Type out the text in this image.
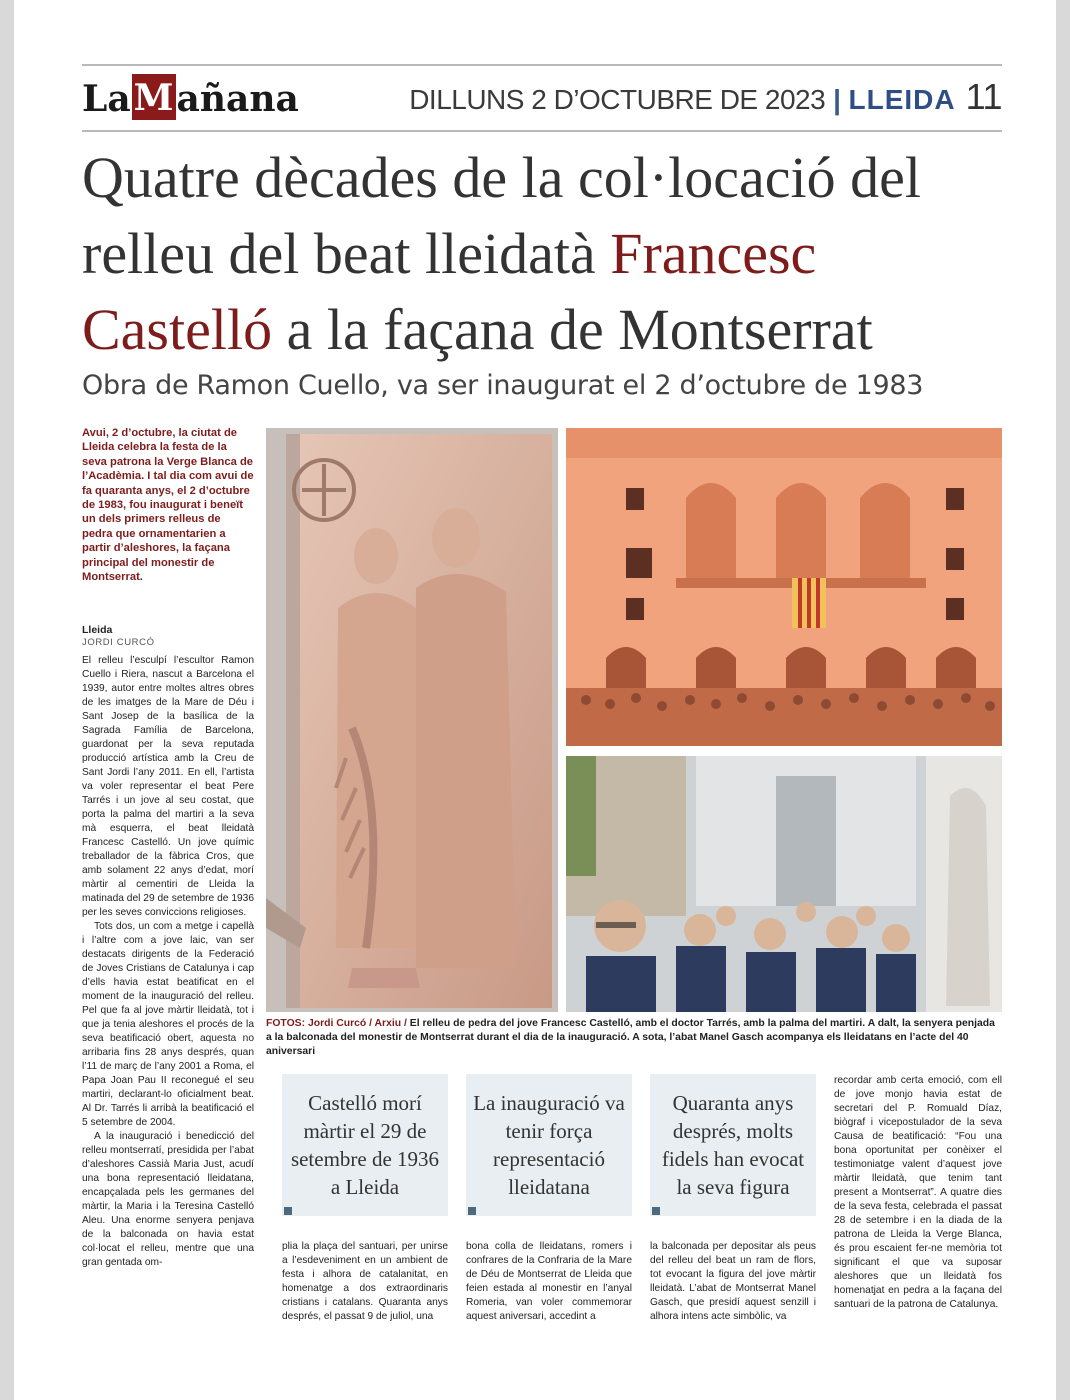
La M añana	DILLUNS 2 D’OCTUBRE DE 2023 | LLEIDA 11
Quatre dècades de la col·locació del relleu del beat lleidatà Francesc Castelló a la façana de Montserrat
Obra de Ramon Cuello, va ser inaugurat el 2 d’octubre de 1983
Avui, 2 d’octubre, la ciutat de Lleida celebra la festa de la seva patrona la Verge Blanca de l’Acadèmia. I tal dia com avui de fa quaranta anys, el 2 d’octubre de 1983, fou inaugurat i beneït un dels primers relleus de pedra que ornamentarien a partir d’aleshores, la façana principal del monestir de Montserrat.
Lleida
JORDI CURCÓ

El relleu l’esculpí l’escultor Ramon Cuello i Riera, nascut a Barcelona el 1939, autor entre moltes altres obres de les imatges de la Mare de Déu i Sant Josep de la basílica de la Sagrada Família de Barcelona, guardonat per la seva reputada producció artística amb la Creu de Sant Jordi l’any 2011. En ell, l’artista va voler representar el beat Pere Tarrés i un jove al seu costat, que porta la palma del martiri a la seva mà esquerra, el beat lleidatà Francesc Castelló. Un jove químic treballador de la fàbrica Cros, que amb solament 22 anys d’edat, morí màrtir al cementiri de Lleida la matinada del 29 de setembre de 1936 per les seves conviccions religioses.

Tots dos, un com a metge i capellà i l’altre com a jove laic, van ser destacats dirigents de la Federació de Joves Cristians de Catalunya i cap d’ells havia estat beatificat en el moment de la inauguració del relleu. Pel que fa al jove màrtir lleidatà, tot i que ja tenia aleshores el procés de la seva beatificació obert, aquesta no arribaria fins 28 anys després, quan l’11 de març de l’any 2001 a Roma, el Papa Joan Pau II reconegué el seu martiri, declarant-lo oficialment beat. Al Dr. Tarrés li arribà la beatificació el 5 setembre de 2004.

A la inauguració i benedicció del relleu montserratí, presidida per l’abat d’aleshores Cassià Maria Just, acudí una bona representació lleidatana, encapçalada pels les germanes del màrtir, la Maria i la Teresina Castelló Aleu. Una enorme senyera penjava de la balconada on havia estat col·locat el relleu, mentre que una gran gentada om-

FOTOS: Jordi Curcó / Arxiu / El relleu de pedra del jove Francesc Castelló, amb el doctor Tarrés, amb la palma del martiri. A dalt, la senyera penjada a la balconada del monestir de Montserrat durant el dia de la inauguració. A sota, l’abat Manel Gasch acompanya els lleidatans en l’acte del 40 aniversari
Castelló morí màrtir el 29 de setembre de 1936 a Lleida
La inauguració va tenir força representació lleidatana
Quaranta anys després, molts fidels han evocat la seva figura
plia la plaça del santuari, per unirse a l’esdeveniment en un ambient de festa i alhora de catalanitat, en homenatge a dos extraordinaris cristians i catalans. Quaranta anys després, el passat 9 de juliol, una
bona colla de lleidatans, romers i confrares de la Confraria de la Mare de Déu de Montserrat de Lleida que feien estada al monestir en l’anyal Romeria, van voler commemorar aquest aniversari, accedint a
la balconada per depositar als peus del relleu del beat un ram de flors, tot evocant la figura del jove màrtir lleidatà. L’abat de Montserrat Manel Gasch, que presidí aquest senzill i alhora intens acte simbòlic, va
recordar amb certa emoció, com ell de jove monjo havia estat de secretari del P. Romuald Díaz, biògraf i vicepostulador de la seva Causa de beatificació: “Fou una bona oportunitat per conèixer el testimoniatge valent d’aquest jove màrtir lleidatà, que tenim tant present a Montserrat”. A quatre dies de la seva festa, celebrada el passat 28 de setembre i en la diada de la patrona de Lleida la Verge Blanca, és prou escaient fer-ne memòria tot significant el que va suposar aleshores que un lleidatà fos homenatjat en pedra a la façana del santuari de la patrona de Catalunya.
